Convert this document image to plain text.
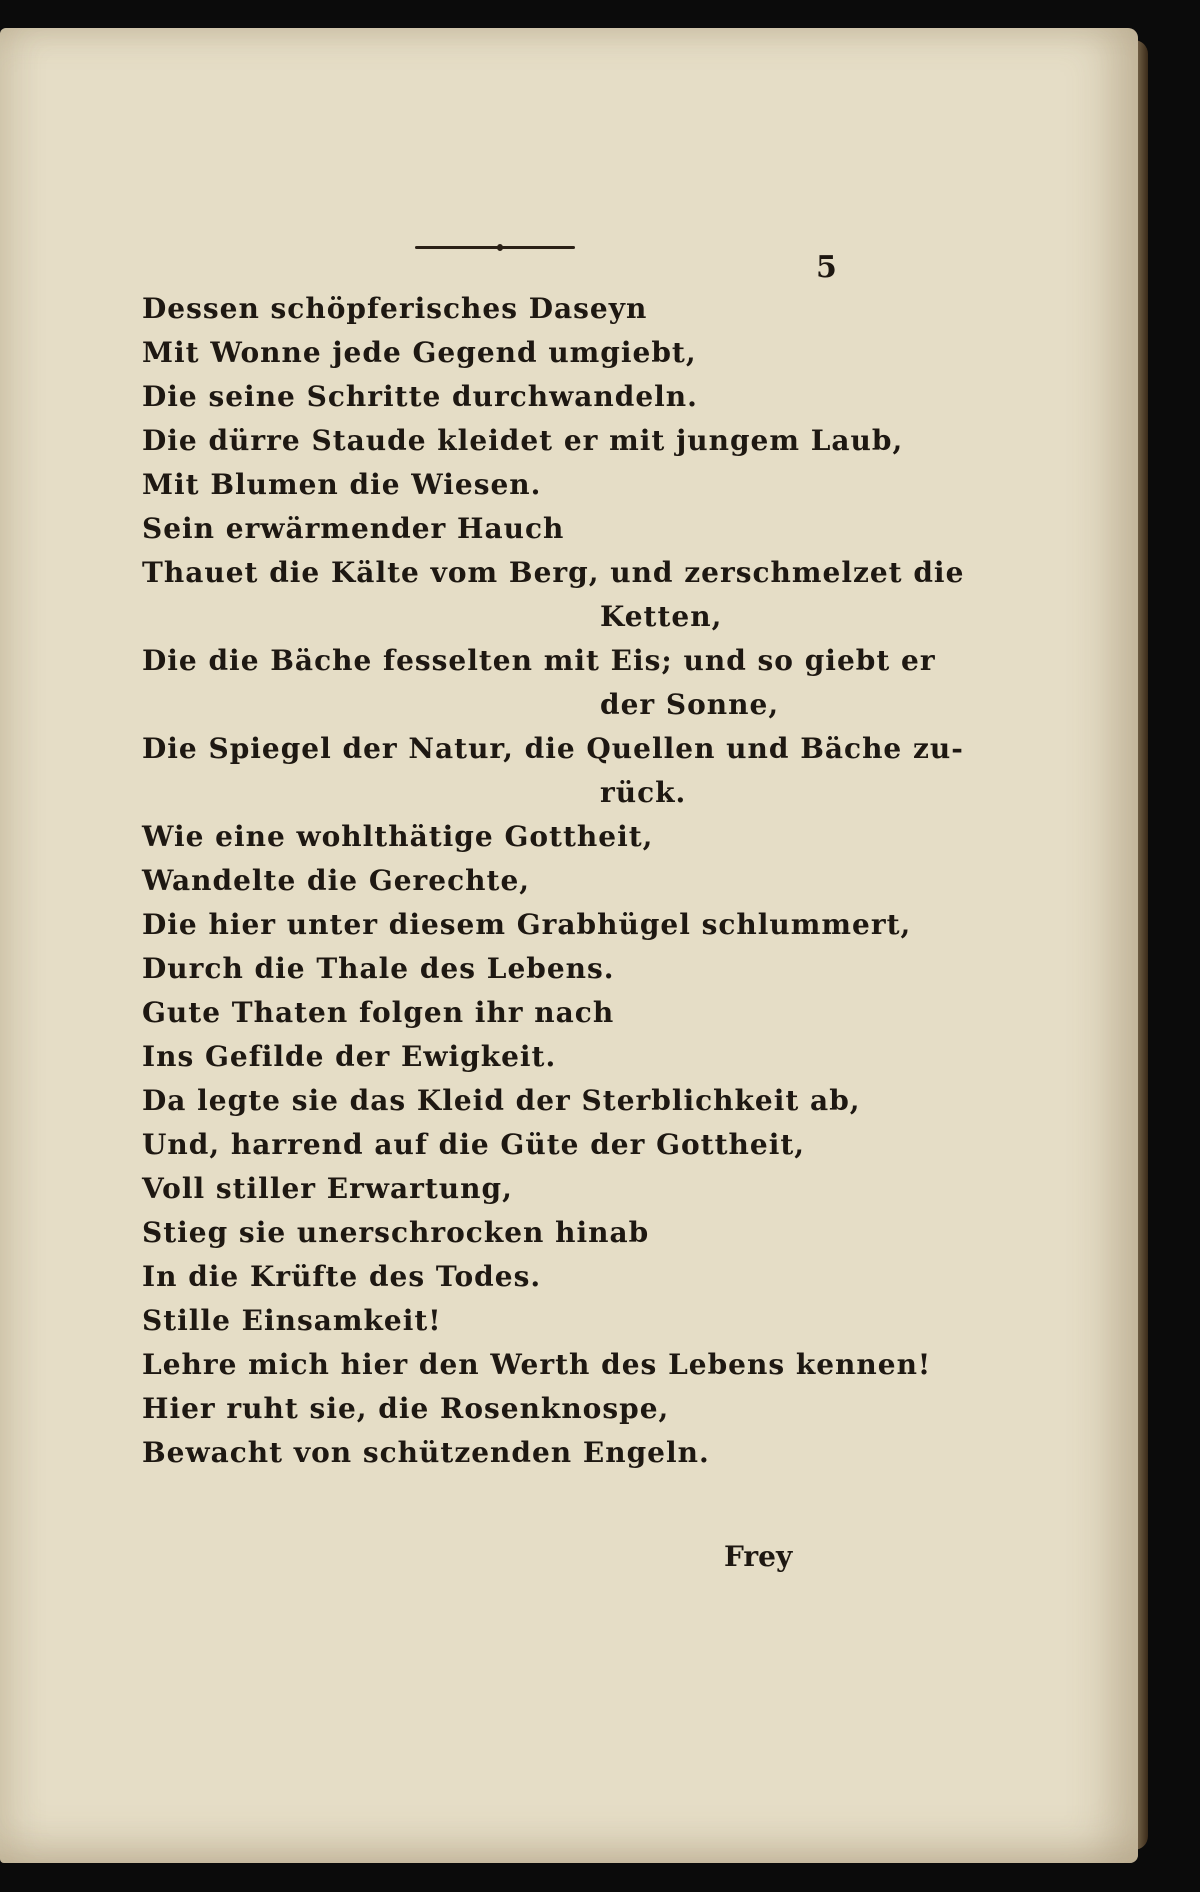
5
Dessen schöpferisches Daseyn
Mit Wonne jede Gegend umgiebt,
Die seine Schritte durchwandeln.
Die dürre Staude kleidet er mit jungem Laub,
Mit Blumen die Wiesen.
Sein erwärmender Hauch
Thauet die Kälte vom Berg, und zerschmelzet die
Ketten,
Die die Bäche fesselten mit Eis; und so giebt er
der Sonne,
Die Spiegel der Natur, die Quellen und Bäche zu-
rück.
Wie eine wohlthätige Gottheit,
Wandelte die Gerechte,
Die hier unter diesem Grabhügel schlummert,
Durch die Thale des Lebens.
Gute Thaten folgen ihr nach
Ins Gefilde der Ewigkeit.
Da legte sie das Kleid der Sterblichkeit ab,
Und, harrend auf die Güte der Gottheit,
Voll stiller Erwartung,
Stieg sie unerschrocken hinab
In die Krüfte des Todes.
Stille Einsamkeit!
Lehre mich hier den Werth des Lebens kennen!
Hier ruht sie, die Rosenknospe,
Bewacht von schützenden Engeln.
Frey
